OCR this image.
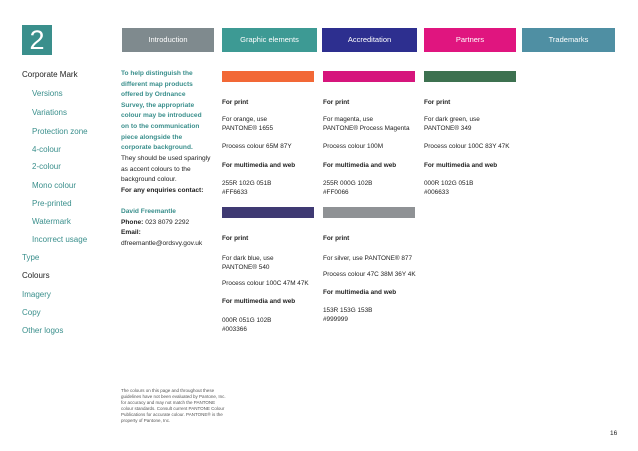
2	Introduction	Graphic elements	Accreditation	Partners	Trademarks
Corporate Mark
Versions
Variations
Protection zone
4-colour
2-colour
Mono colour
Pre-printed
Watermark
Incorrect usage
Type
Colours
Imagery
Copy
Other logos
To help distinguish the
different map products
offered by Ordnance
Survey, the appropriate
colour may be introduced
on to the communication
piece alongside the
corporate background.
They should be used sparingly
as accent colours to the
background colour.
For any enquiries contact:
David Freemantle
Phone: 023 8079 2292
Email: dfreemantle@ordsvy.gov.uk
For print
For orange, use
PANTONE® 1655
Process colour 65M 87Y
For multimedia and web
255R 102G 051B
#FF6633
For print
For magenta, use
PANTONE® Process Magenta
Process colour 100M
For multimedia and web
255R 000G 102B
#FF0066
For print
For dark green, use
PANTONE® 349
Process colour 100C 83Y 47K
For multimedia and web
000R 102G 051B
#006633
For print
For dark blue, use
PANTONE® 540
Process colour 100C 47M 47K
For multimedia and web
000R 051G 102B
#003366
For print
For silver, use PANTONE® 877
Process colour 47C 38M 36Y 4K
For multimedia and web
153R 153G 153B
#999999
The colours on this page and throughout these guidelines have not been evaluated by Pantone, Inc. for accuracy and may not match the PANTONE colour standards. Consult current PANTONE Colour Publications for accurate colour. PANTONE® is the property of Pantone, Inc.
16
